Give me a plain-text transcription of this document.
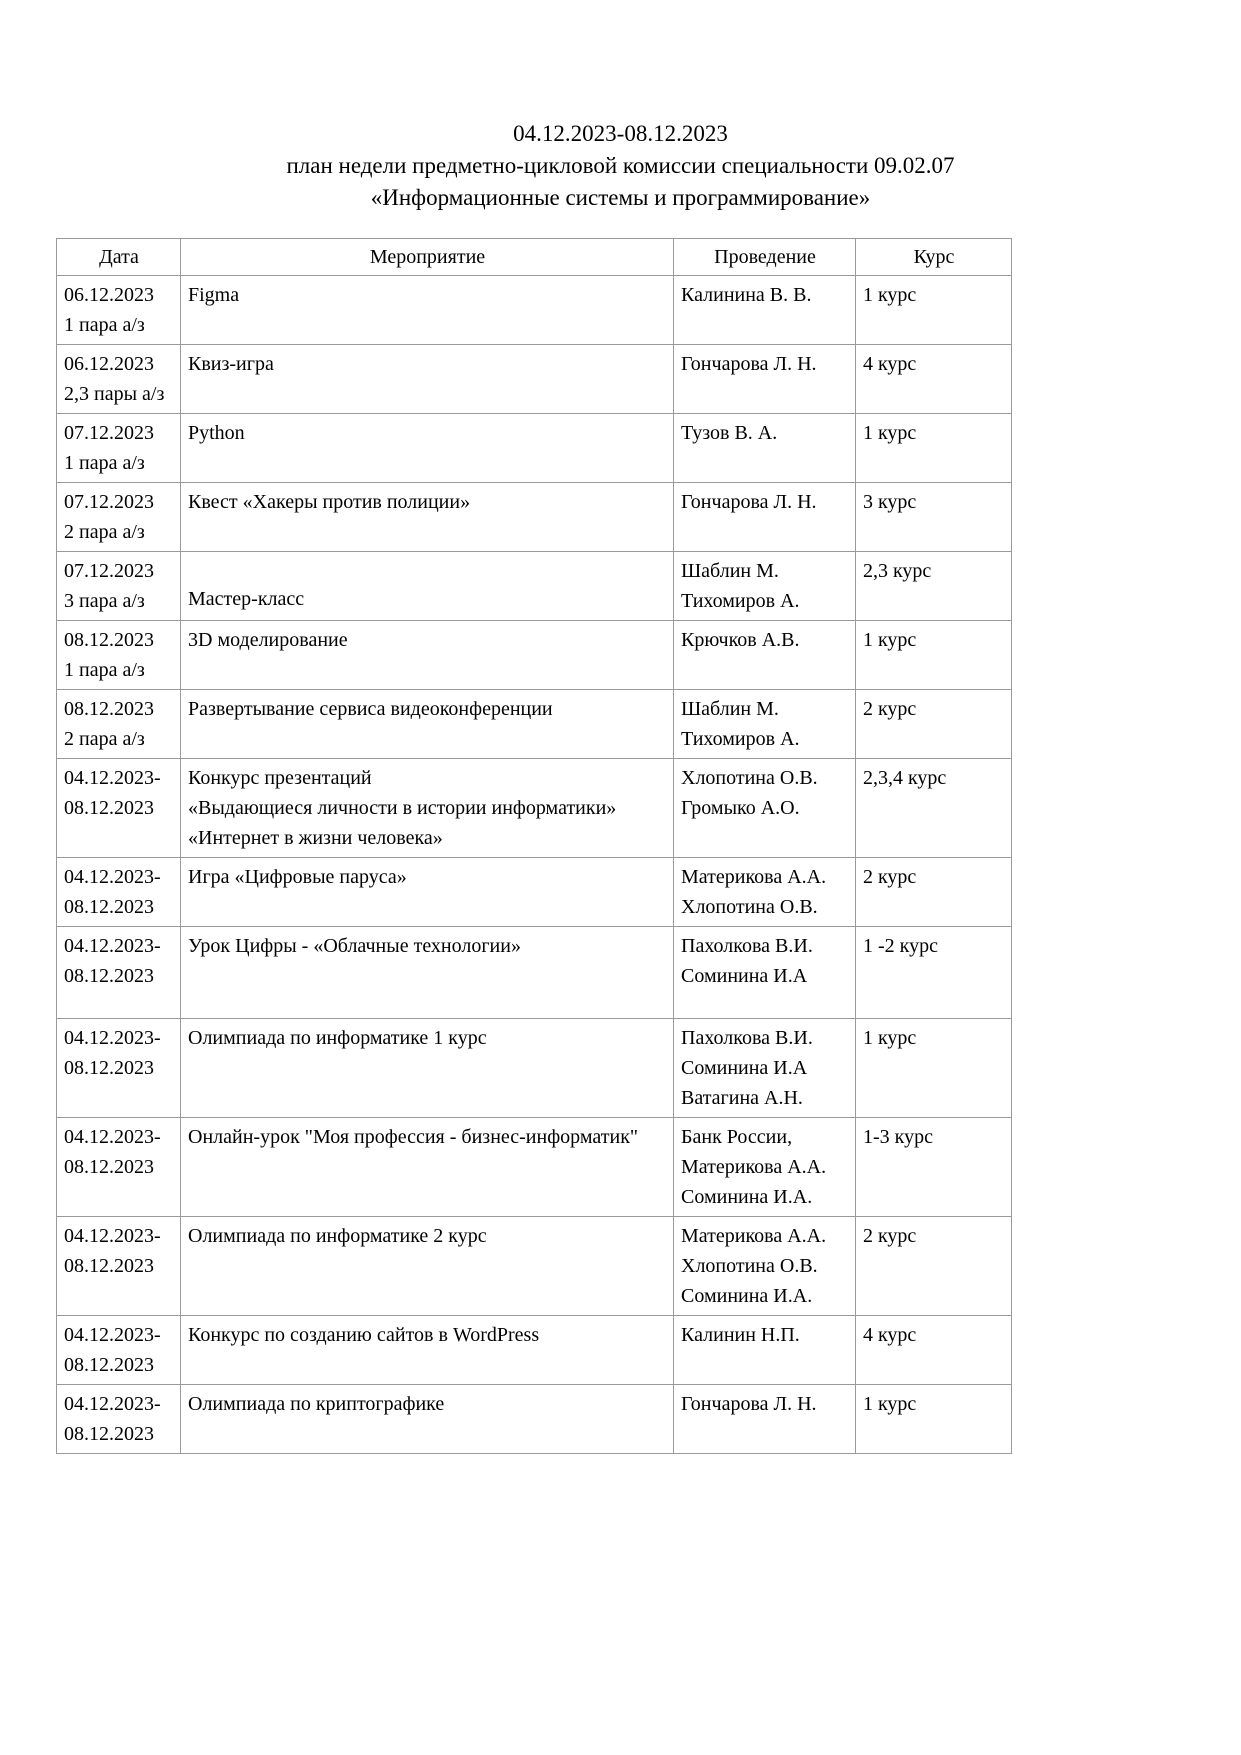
04.12.2023-08.12.2023
план недели предметно-цикловой комиссии специальности 09.02.07
«Информационные системы и программирование»
Дата	Мероприятие	Проведение	Курс

06.12.2023
1 пара а/з	Figma	Калинина В. В.	1 курс

06.12.2023
2,3 пары а/з	Квиз-игра	Гончарова Л. Н.	4 курс

07.12.2023
1 пара а/з	Python	Тузов В. А.	1 курс

07.12.2023
2 пара а/з	Квест «Хакеры против полиции»	Гончарова Л. Н.	3 курс

07.12.2023
3 пара а/з	Мастер-класс	Шаблин М.
Тихомиров А.	2,3 курс

08.12.2023
1 пара а/з	3D моделирование	Крючков А.В.	1 курс

08.12.2023
2 пара а/з	Развертывание сервиса видеоконференции	Шаблин М.
Тихомиров А.	2 курс

04.12.2023-
08.12.2023	Конкурс презентаций
«Выдающиеся личности в истории информатики»
«Интернет в жизни человека»	Хлопотина О.В.
Громыко А.О.	2,3,4 курс

04.12.2023-
08.12.2023	Игра «Цифровые паруса»	Материкова А.А.
Хлопотина О.В.	2 курс

04.12.2023-
08.12.2023	Урок Цифры - «Облачные технологии»	Пахолкова В.И.
Соминина И.А	1 -2 курс

04.12.2023-
08.12.2023	Олимпиада по информатике 1 курс	Пахолкова В.И.
Соминина И.А
Ватагина А.Н.	1 курс

04.12.2023-
08.12.2023	Онлайн-урок "Моя профессия - бизнес-информатик"	Банк России,
Материкова А.А.
Соминина И.А.	1-3 курс

04.12.2023-
08.12.2023	Олимпиада по информатике 2 курс	Материкова А.А.
Хлопотина О.В.
Соминина И.А.	2 курс

04.12.2023-
08.12.2023	Конкурс по созданию сайтов в WordPress	Калинин Н.П.	4 курс

04.12.2023-
08.12.2023	Олимпиада по криптографике	Гончарова Л. Н.	1 курс
